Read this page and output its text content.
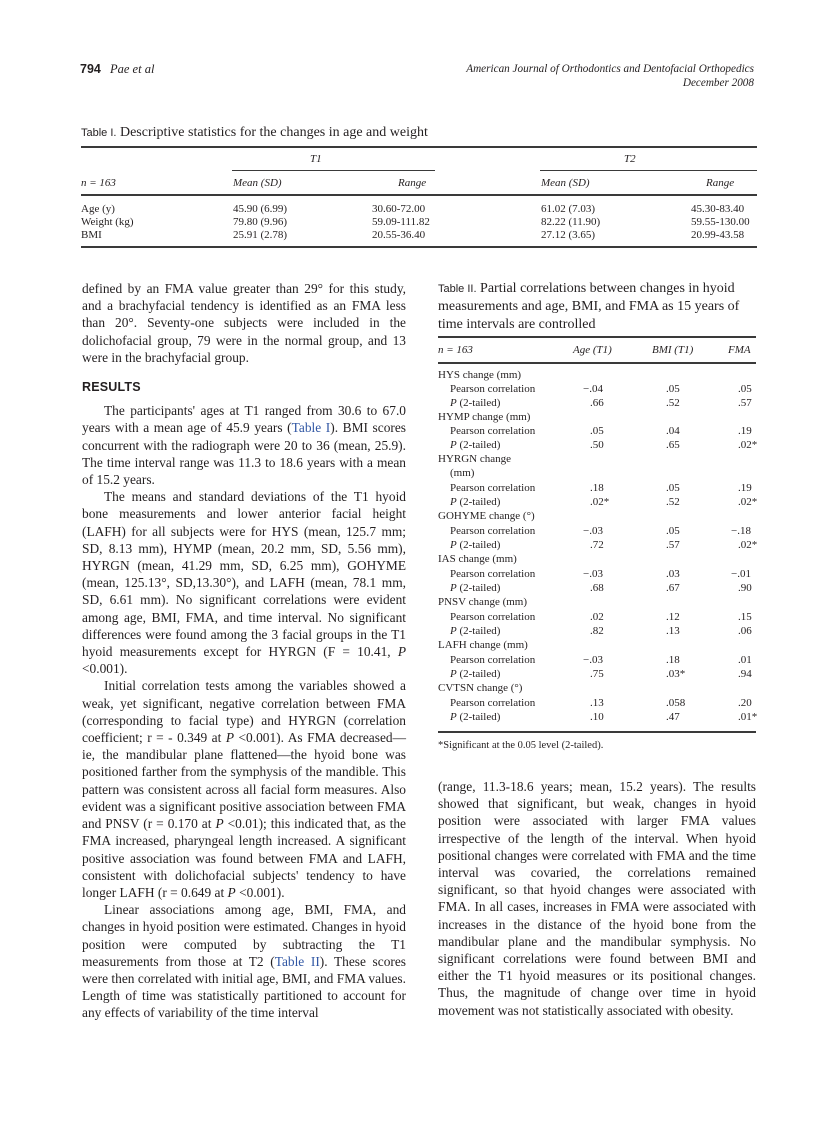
794 Pae et al	American Journal of Orthodontics and Dentofacial Orthopedics
December 2008
Table I. Descriptive statistics for the changes in age and weight
T1	T2
n = 163	Mean (SD)	Range	Mean (SD)	Range
Age (y)	45.90 (6.99)	30.60-72.00	61.02 (7.03)	45.30-83.40
Weight (kg)	79.80 (9.96)	59.09-111.82	82.22 (11.90)	59.55-130.00
BMI	25.91 (2.78)	20.55-36.40	27.12 (3.65)	20.99-43.58

defined by an FMA value greater than 29° for this study, and a brachyfacial tendency is identified as an FMA less than 20°. Seventy-one subjects were included in the dolichofacial group, 79 were in the normal group, and 13 were in the brachyfacial group.

RESULTS

The participants' ages at T1 ranged from 30.6 to 67.0 years with a mean age of 45.9 years (Table I). BMI scores concurrent with the radiograph were 20 to 36 (mean, 25.9). The time interval range was 11.3 to 18.6 years with a mean of 15.2 years.

The means and standard deviations of the T1 hyoid bone measurements and lower anterior facial height (LAFH) for all subjects were for HYS (mean, 125.7 mm; SD, 8.13 mm), HYMP (mean, 20.2 mm, SD, 5.56 mm), HYRGN (mean, 41.29 mm, SD, 6.25 mm), GOHYME (mean, 125.13°, SD,13.30°), and LAFH (mean, 78.1 mm, SD, 6.61 mm). No significant correlations were evident among age, BMI, FMA, and time interval. No significant differences were found among the 3 facial groups in the T1 hyoid measurements except for HYRGN (F = 10.41, P <0.001).

Initial correlation tests among the variables showed a weak, yet significant, negative correlation between FMA (corresponding to facial type) and HYRGN (correlation coefficient; r = - 0.349 at P <0.001). As FMA decreased—ie, the mandibular plane flattened—the hyoid bone was positioned farther from the symphysis of the mandible. This pattern was consistent across all facial form measures. Also evident was a significant positive association between FMA and PNSV (r = 0.170 at P <0.01); this indicated that, as the FMA increased, pharyngeal length increased. A significant positive association was found between FMA and LAFH, consistent with dolichofacial subjects' tendency to have longer LAFH (r = 0.649 at P <0.001).

Linear associations among age, BMI, FMA, and changes in hyoid position were estimated. Changes in hyoid position were computed by subtracting the T1 measurements from those at T2 (Table II). These scores were then correlated with initial age, BMI, and FMA values. Length of time was statistically partitioned to account for any effects of variability of the time interval

Table II. Partial correlations between changes in hyoid measurements and age, BMI, and FMA as 15 years of time intervals are controlled
n = 163	Age (T1)	BMI (T1)	FMA
HYS change (mm)
Pearson correlation	−.04	.05	.05
P (2-tailed)	.66	.52	.57
HYMP change (mm)
Pearson correlation	.05	.04	.19
P (2-tailed)	.50	.65	.02*
HYRGN change
(mm)
Pearson correlation	.18	.05	.19
P (2-tailed)	.02*	.52	.02*
GOHYME change (°)
Pearson correlation	−.03	.05	−.18
P (2-tailed)	.72	.57	.02*
IAS change (mm)
Pearson correlation	−.03	.03	−.01
P (2-tailed)	.68	.67	.90
PNSV change (mm)
Pearson correlation	.02	.12	.15
P (2-tailed)	.82	.13	.06
LAFH change (mm)
Pearson correlation	−.03	.18	.01
P (2-tailed)	.75	.03*	.94
CVTSN change (°)
Pearson correlation	.13	.058	.20
P (2-tailed)	.10	.47	.01*
*Significant at the 0.05 level (2-tailed).

(range, 11.3-18.6 years; mean, 15.2 years). The results showed that significant, but weak, changes in hyoid position were associated with larger FMA values irrespective of the length of the interval. When hyoid positional changes were correlated with FMA and the time interval was covaried, the correlations remained significant, so that hyoid changes were associated with FMA. In all cases, increases in FMA were associated with increases in the distance of the hyoid bone from the mandibular plane and the mandibular symphysis. No significant correlations were found between BMI and either the T1 hyoid measures or its positional changes. Thus, the magnitude of change over time in hyoid movement was not statistically associated with obesity.
